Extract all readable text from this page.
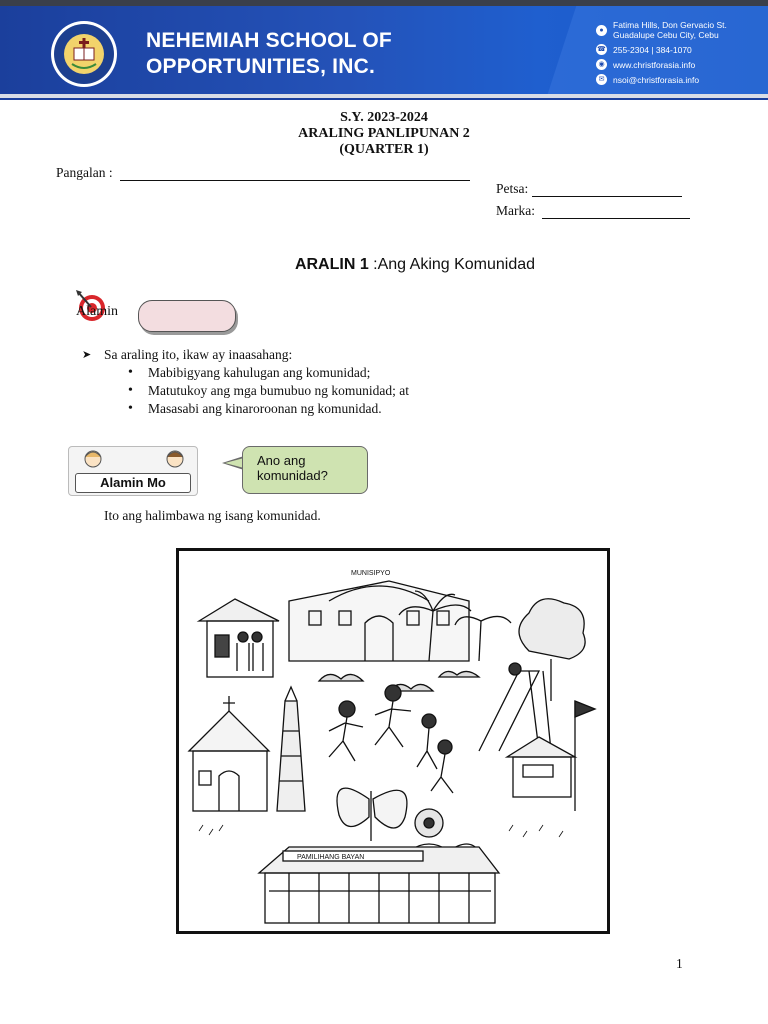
NEHEMIAH SCHOOL OF
OPPORTUNITIES, INC.
●	Fatima Hills, Don Gervacio St.
Guadalupe Cebu City, Cebu
☎ 255-2304 | 384-1070
◉ www.christforasia.info
✉	nsoi@christforasia.info
S.Y. 2023-2024
ARALING PANLIPUNAN 2
(QUARTER 1)
Pangalan :
Petsa:
Marka:
ARALIN 1 :Ang Aking Komunidad
Alamin
➤ Sa araling ito, ikaw ay inaasahang:
• Mabibigyang kahulugan ang komunidad;
• Matutukoy ang mga bumubuo ng komunidad; at
• Masasabi ang kinaroroonan ng komunidad.
Alamin Mo
Ano ang
komunidad?
Ito ang halimbawa ng isang komunidad.
MUNISIPYO
PAMILIHANG BAYAN
1
